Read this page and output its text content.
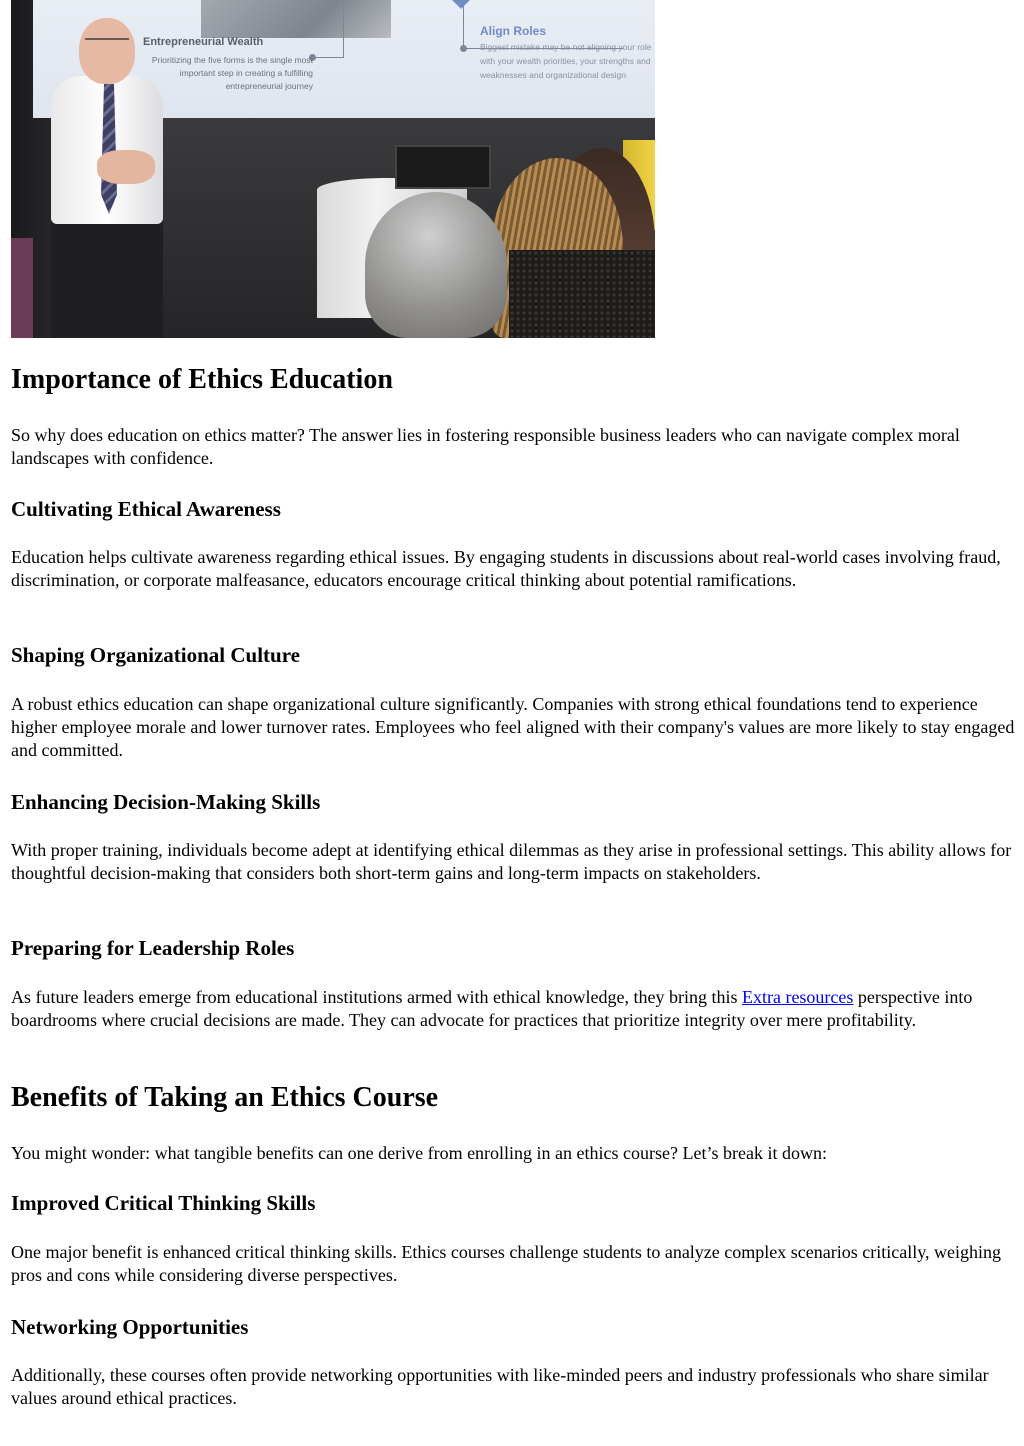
Entrepreneurial Wealth
Prioritizing the five forms is the single most important step in creating a fulfilling entrepreneurial journey
Align Roles
Biggest mistake may be not aligning your role with your wealth priorities, your strengths and weaknesses and organizational design
Importance of Ethics Education

So why does education on ethics matter? The answer lies in fostering responsible business leaders who can navigate complex moral landscapes with confidence.

Cultivating Ethical Awareness

Education helps cultivate awareness regarding ethical issues. By engaging students in discussions about real-world cases involving fraud, discrimination, or corporate malfeasance, educators encourage critical thinking about potential ramifications.

Shaping Organizational Culture

A robust ethics education can shape organizational culture significantly. Companies with strong ethical foundations tend to experience higher employee morale and lower turnover rates. Employees who feel aligned with their company's values are more likely to stay engaged and committed.

Enhancing Decision-Making Skills

With proper training, individuals become adept at identifying ethical dilemmas as they arise in professional settings. This ability allows for thoughtful decision-making that considers both short-term gains and long-term impacts on stakeholders.

Preparing for Leadership Roles

As future leaders emerge from educational institutions armed with ethical knowledge, they bring this Extra resources perspective into boardrooms where crucial decisions are made. They can advocate for practices that prioritize integrity over mere profitability.

Benefits of Taking an Ethics Course

You might wonder: what tangible benefits can one derive from enrolling in an ethics course? Let’s break it down:

Improved Critical Thinking Skills

One major benefit is enhanced critical thinking skills. Ethics courses challenge students to analyze complex scenarios critically, weighing pros and cons while considering diverse perspectives.

Networking Opportunities

Additionally, these courses often provide networking opportunities with like-minded peers and industry professionals who share similar values around ethical practices.
